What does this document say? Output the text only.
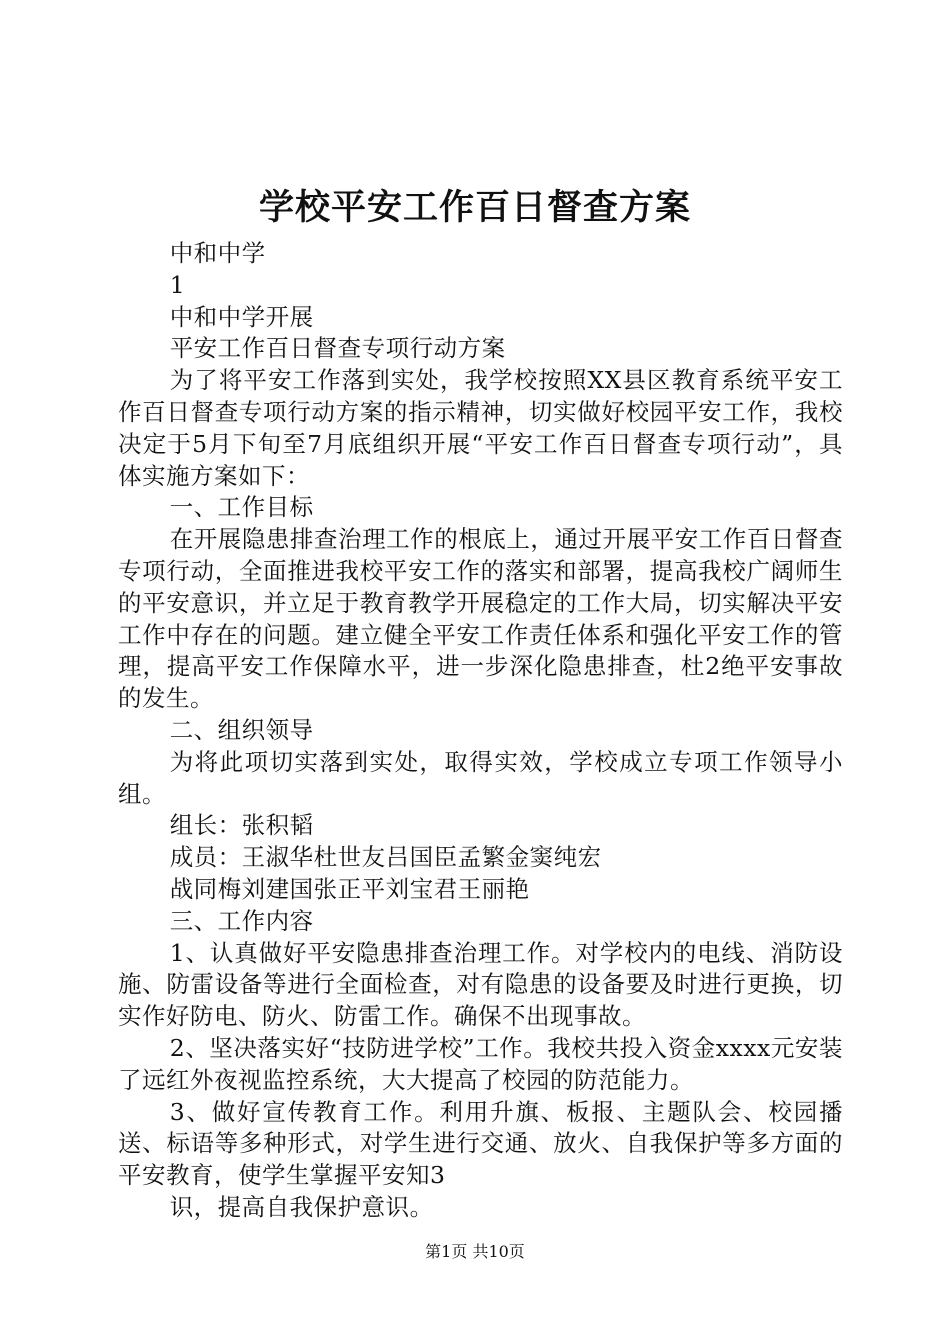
学校平安工作百日督查方案

中和中学

1

中和中学开展

平安工作百日督查专项行动方案

为了将平安工作落到实处，我学校按照XX县区教育系统平安工作百日督查专项行动方案的指示精神，切实做好校园平安工作，我校决定于5月下旬至7月底组织开展“平安工作百日督查专项行动”，具体实施方案如下：

一、工作目标

在开展隐患排查治理工作的根底上，通过开展平安工作百日督查专项行动，全面推进我校平安工作的落实和部署，提高我校广阔师生的平安意识，并立足于教育教学开展稳定的工作大局，切实解决平安工作中存在的问题。建立健全平安工作责任体系和强化平安工作的管理，提高平安工作保障水平，进一步深化隐患排查，杜2绝平安事故的发生。

二、组织领导

为将此项切实落到实处，取得实效，学校成立专项工作领导小组。

组长：张积韬

成员：王淑华杜世友吕国臣孟繁金窦纯宏

战同梅刘建国张正平刘宝君王丽艳

三、工作内容

1、认真做好平安隐患排查治理工作。对学校内的电线、消防设施、防雷设备等进行全面检查，对有隐患的设备要及时进行更换，切实作好防电、防火、防雷工作。确保不出现事故。

2、坚决落实好“技防进学校”工作。我校共投入资金xxxx元安装了远红外夜视监控系统，大大提高了校园的防范能力。

3、做好宣传教育工作。利用升旗、板报、主题队会、校园播送、标语等多种形式，对学生进行交通、放火、自我保护等多方面的平安教育，使学生掌握平安知3

识，提高自我保护意识。

第1页 共10页
